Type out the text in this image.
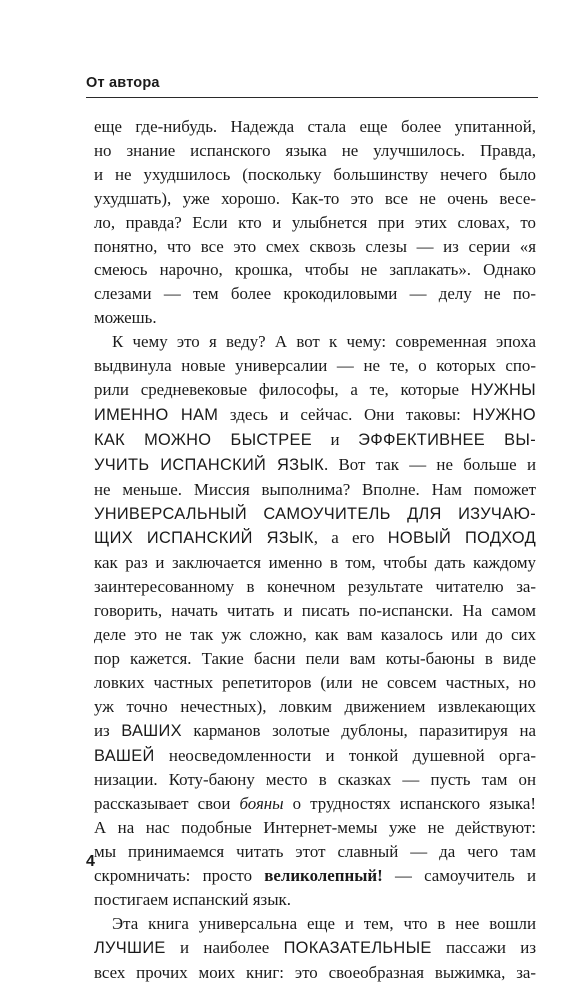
От автора
еще где-нибудь. Надежда стала еще более упитанной,
но знание испанского языка не улучшилось. Правда,
и не ухудшилось (поскольку большинству нечего было
ухудшать), уже хорошо. Как-то это все не очень весе-
ло, правда? Если кто и улыбнется при этих словах, то
понятно, что все это смех сквозь слезы — из серии «я
смеюсь нарочно, крошка, чтобы не заплакать». Однако
слезами — тем более крокодиловыми — делу не по-
можешь.
К чему это я веду? А вот к чему: современная эпоха
выдвинула новые универсалии — не те, о которых спо-
рили средневековые философы, а те, которые НУЖНЫ
ИМЕННО НАМ здесь и сейчас. Они таковы: НУЖНО
КАК МОЖНО БЫСТРЕЕ и ЭФФЕКТИВНЕЕ ВЫ-
УЧИТЬ ИСПАНСКИЙ ЯЗЫК. Вот так — не больше и
не меньше. Миссия выполнима? Вполне. Нам поможет
УНИВЕРСАЛЬНЫЙ САМОУЧИТЕЛЬ ДЛЯ ИЗУЧАЮ-
ЩИХ ИСПАНСКИЙ ЯЗЫК, а его НОВЫЙ ПОДХОД
как раз и заключается именно в том, чтобы дать каждому
заинтересованному в конечном результате читателю за-
говорить, начать читать и писать по-испански. На самом
деле это не так уж сложно, как вам казалось или до сих
пор кажется. Такие басни пели вам коты-баюны в виде
ловких частных репетиторов (или не совсем частных, но
уж точно нечестных), ловким движением извлекающих
из ВАШИХ карманов золотые дублоны, паразитируя на
ВАШЕЙ неосведомленности и тонкой душевной орга-
низации. Коту-баюну место в сказках — пусть там он
рассказывает свои бояны о трудностях испанского языка!
А на нас подобные Интернет-мемы уже не действуют:
мы принимаемся читать этот славный — да чего там
скромничать: просто великолепный! — самоучитель и
постигаем испанский язык.
Эта книга универсальна еще и тем, что в нее вошли
ЛУЧШИЕ и наиболее ПОКАЗАТЕЛЬНЫЕ пассажи из
всех прочих моих книг: это своеобразная выжимка, за-
4
